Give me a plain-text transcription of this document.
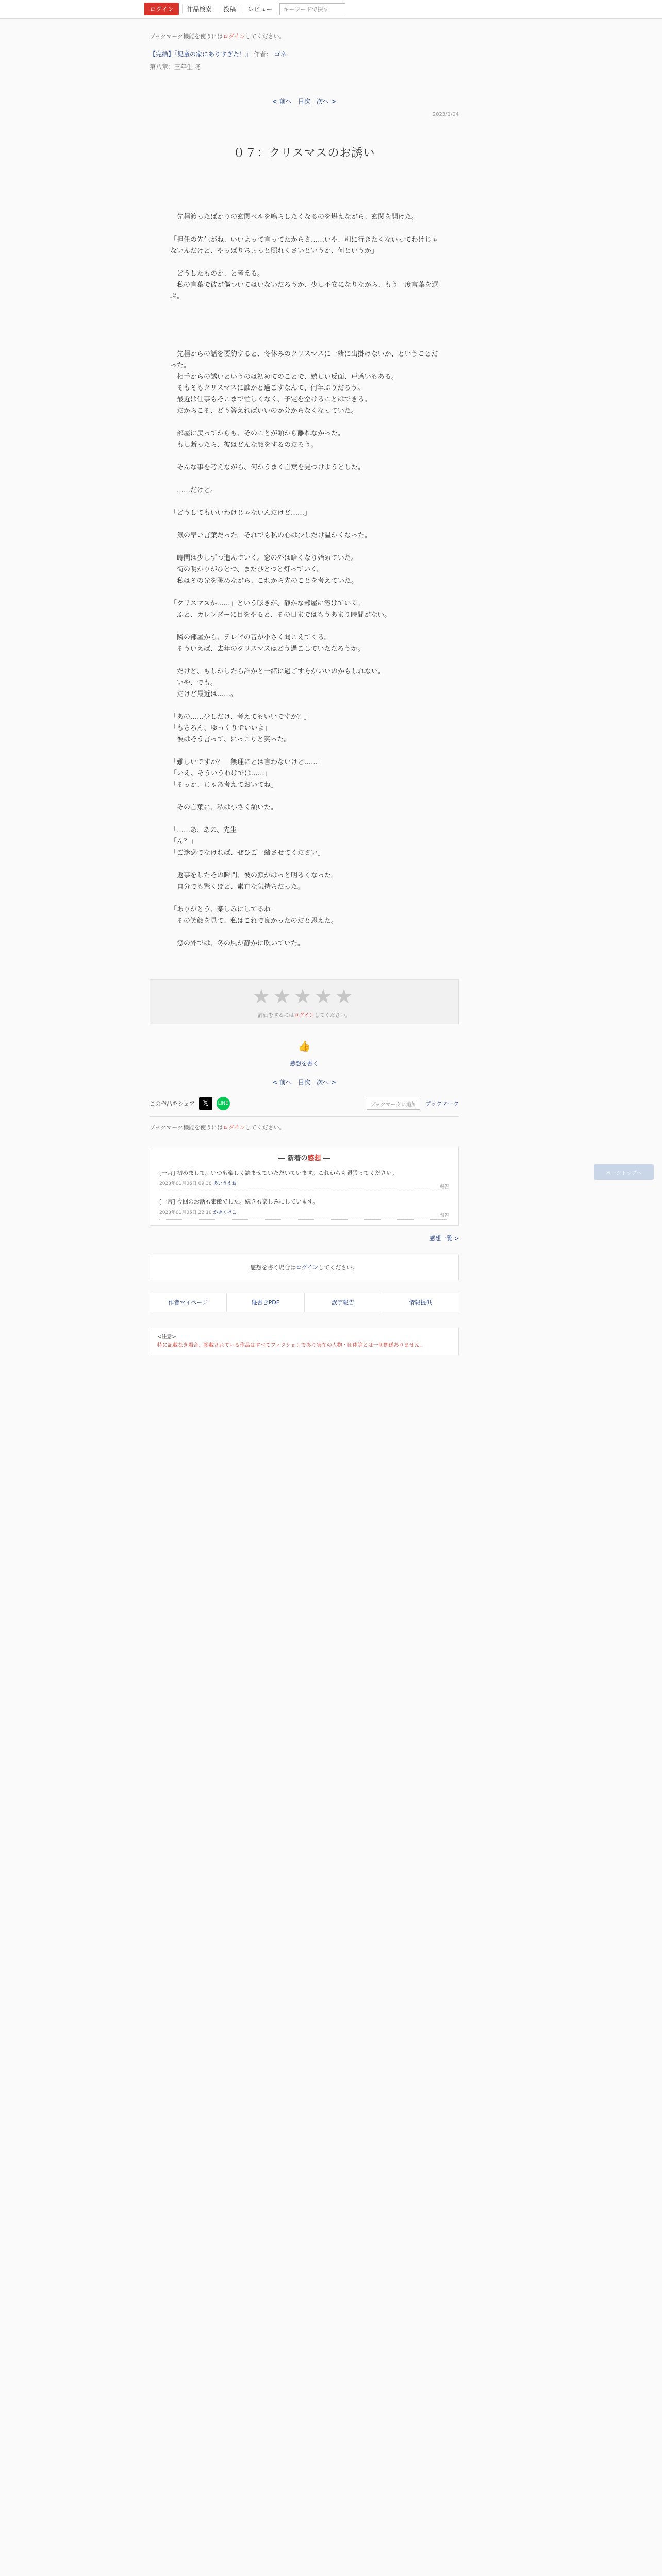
ログイン	作品検索	投稿	レビュー	キーワードで探す
ブックマーク機能を使うにはログインしてください。
【完結】『児童の家にありすぎた！』 作者： ゴネ
第八章：三年生 冬
< 前へ 目次 次へ >
2023/1/04
０７：クリスマスのお誘い

　先程渡ったばかりの玄関ベルを鳴らしたくなるのを堪えながら、玄関を開けた。

「担任の先生がね、いいよって言ってたからさ……いや、別に行きたくないってわけじゃないんだけど、やっぱりちょっと照れくさいというか、何というか」

　どうしたものか、と考える。
　私の言葉で彼が傷ついてはいないだろうか、少し不安になりながら、もう一度言葉を選ぶ。

　先程からの話を要約すると、冬休みのクリスマスに一緒に出掛けないか、ということだった。
　相手からの誘いというのは初めてのことで、嬉しい反面、戸惑いもある。
　そもそもクリスマスに誰かと過ごすなんて、何年ぶりだろう。
　最近は仕事もそこまで忙しくなく、予定を空けることはできる。
　だからこそ、どう答えればいいのか分からなくなっていた。

　部屋に戻ってからも、そのことが頭から離れなかった。
　もし断ったら、彼はどんな顔をするのだろう。

　そんな事を考えながら、何かうまく言葉を見つけようとした。

　……だけど。

「どうしてもいいわけじゃないんだけど……」

　気の早い言葉だった。それでも私の心は少しだけ温かくなった。

　時間は少しずつ進んでいく。窓の外は暗くなり始めていた。
　街の明かりがひとつ、またひとつと灯っていく。
　私はその光を眺めながら、これから先のことを考えていた。

「クリスマスか……」という呟きが、静かな部屋に溶けていく。
　ふと、カレンダーに目をやると、その日まではもうあまり時間がない。

　隣の部屋から、テレビの音が小さく聞こえてくる。
　そういえば、去年のクリスマスはどう過ごしていただろうか。

　だけど、もしかしたら誰かと一緒に過ごす方がいいのかもしれない。
　いや、でも。
　だけど最近は……。

「あの……少しだけ、考えてもいいですか？」
「もちろん、ゆっくりでいいよ」
　彼はそう言って、にっこりと笑った。

「難しいですか？　無理にとは言わないけど……」
「いえ、そういうわけでは……」
「そっか、じゃあ考えておいてね」

　その言葉に、私は小さく頷いた。

「……あ、あの、先生」
「ん？」
「ご迷惑でなければ、ぜひご一緒させてください」

　返事をしたその瞬間、彼の顔がぱっと明るくなった。
　自分でも驚くほど、素直な気持ちだった。

「ありがとう、楽しみにしてるね」
　その笑顔を見て、私はこれで良かったのだと思えた。

　窓の外では、冬の風が静かに吹いていた。

★★★★★
評価をするにはログインしてください。
👍
感想を書く
< 前へ 目次 次へ >
この作品をシェア	𝕏	LINE	ブックマークに追加	ブックマーク
ブックマーク機能を使うにはログインしてください。
― 新着の感想 ―
[一言] 初めまして。いつも楽しく読ませていただいています。これからも頑張ってください。
2023年01月06日 09:38 あいうえお
報告
[一言] 今回のお話も素敵でした。続きも楽しみにしています。
2023年01月05日 22:10 かきくけこ
報告
感想一覧 >
感想を書く場合はログインしてください。
作者マイページ	縦書きPDF	誤字報告	情報提供
<注意>
特に記載なき場合、掲載されている作品はすべてフィクションであり実在の人物・団体等とは一切関係ありません。
ページトップへ
